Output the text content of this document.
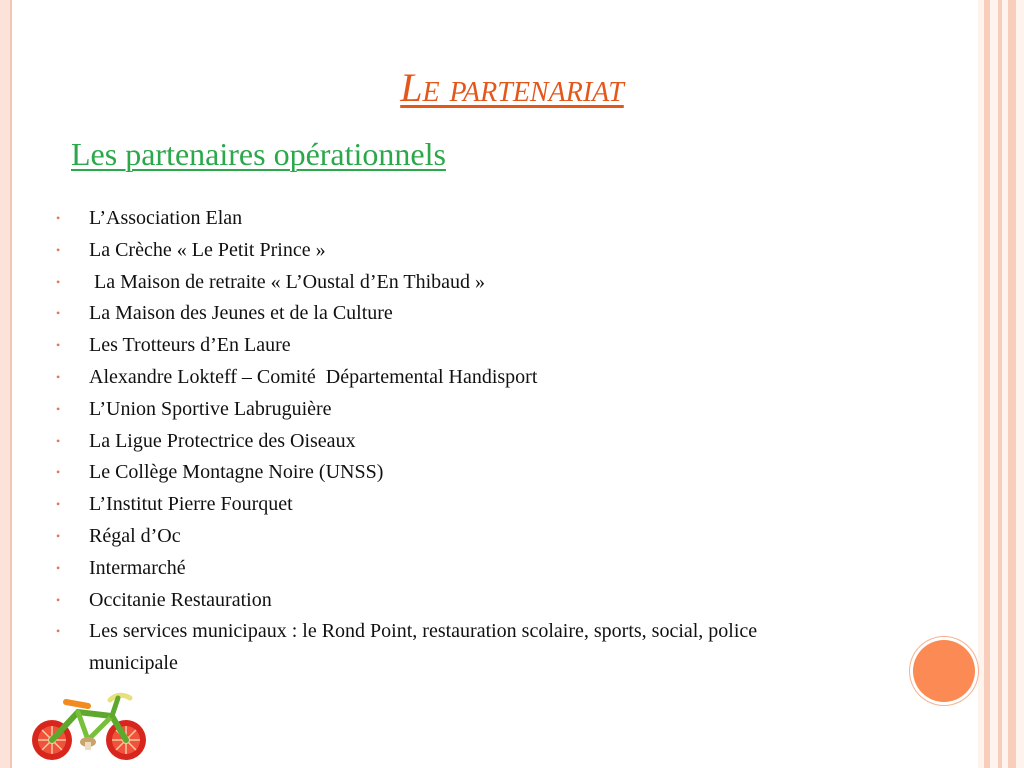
Le partenariat
Les partenaires opérationnels
• L’Association Elan
• La Crèche « Le Petit Prince »
• La Maison de retraite « L’Oustal d’En Thibaud »
• La Maison des Jeunes et de la Culture
• Les Trotteurs d’En Laure
• Alexandre Lokteff – Comité  Départemental Handisport
• L’Union Sportive Labruguière
• La Ligue Protectrice des Oiseaux
• Le Collège Montagne Noire (UNSS)
• L’Institut Pierre Fourquet
• Régal d’Oc
• Intermarché
• Occitanie Restauration
• Les services municipaux : le Rond Point, restauration scolaire, sports, social, police municipale
